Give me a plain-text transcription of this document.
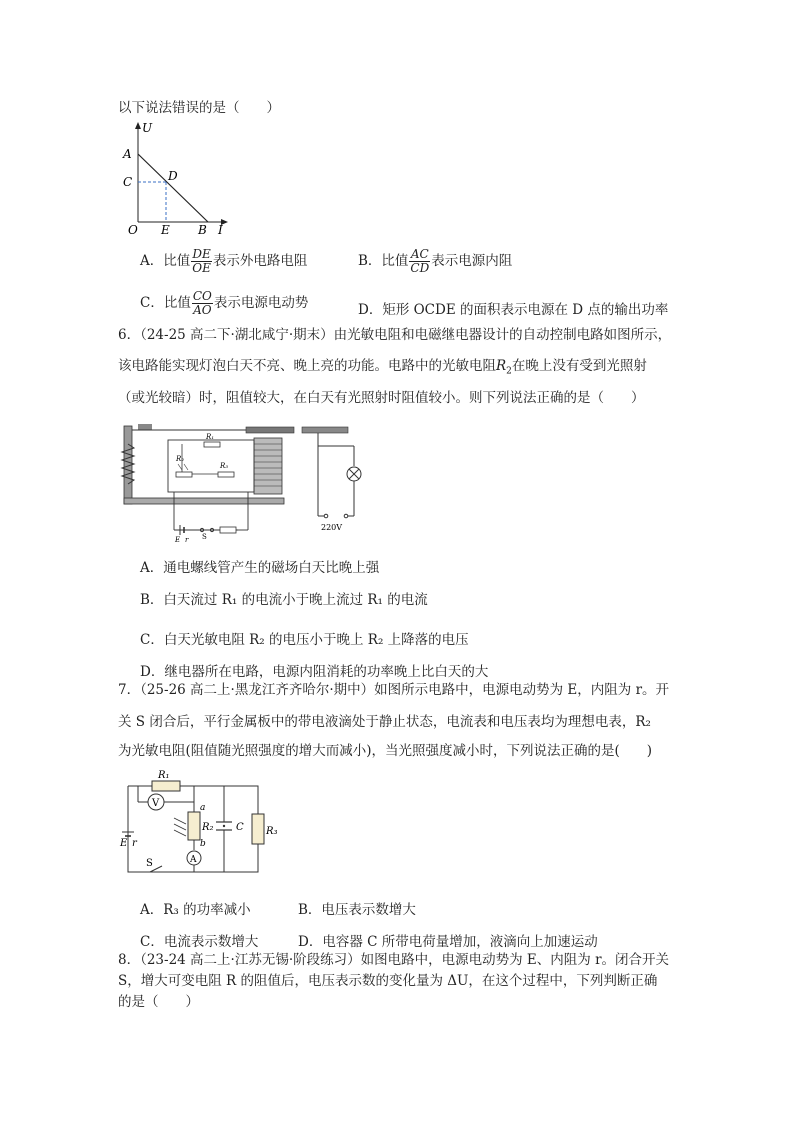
以下说法错误的是（　　）
U
I
O
A
B
C	D
E
A．比值 $\frac{DE}{OE}$ 表示外电路电阻	B．比值 $\frac{AC}{CD}$ 表示电源内阻
C．比值 $\frac{CO}{AO}$ 表示电源电动势	D．矩形 OCDE 的面积表示电源在 D 点的输出功率
6．（24-25 高二下·湖北咸宁·期末）由光敏电阻和电磁继电器设计的自动控制电路如图所示，
该电路能实现灯泡白天不亮、晚上亮的功能。电路中的光敏电阻$R_2$在晚上没有受到光照射
（或光较暗）时，阻值较大，在白天有光照射时阻值较小。则下列说法正确的是（　　）
220V
R₁
R₂
R₃
E r S
A．通电螺线管产生的磁场白天比晚上强
B．白天流过 R₁ 的电流小于晚上流过 R₁ 的电流
C．白天光敏电阻 R₂ 的电压小于晚上 R₂ 上降落的电压
D．继电器所在电路，电源内阻消耗的功率晚上比白天的大
7．（25-26 高二上·黑龙江齐齐哈尔·期中）如图所示电路中，电源电动势为 E，内阻为 r。开
关 S 闭合后，平行金属板中的带电液滴处于静止状态，电流表和电压表均为理想电表，R₂
为光敏电阻(阻值随光照强度的增大而减小)，当光照强度减小时，下列说法正确的是(　　)
R₁
V
R₂
a
b
A
C R₃
E r
S
A．R₃ 的功率减小	B．电压表示数增大
C．电流表示数增大	D．电容器 C 所带电荷量增加，液滴向上加速运动
8．（23-24 高二上·江苏无锡·阶段练习）如图电路中，电源电动势为 E、内阻为 r。闭合开关
S，增大可变电阻 R 的阻值后，电压表示数的变化量为 ΔU，在这个过程中，下列判断正确
的是（　　）
